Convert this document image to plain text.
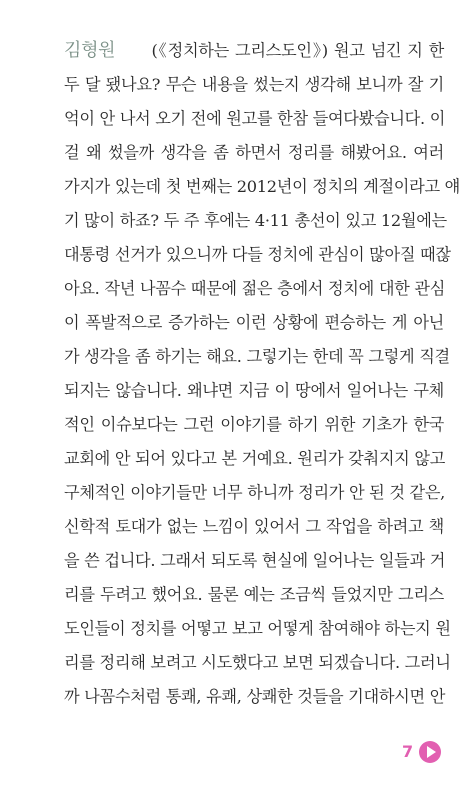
김형원 (《정치하는 그리스도인》) 원고 넘긴 지 한
두 달 됐나요? 무슨 내용을 썼는지 생각해 보니까 잘 기
억이 안 나서 오기 전에 원고를 한참 들여다봤습니다. 이
걸 왜 썼을까 생각을 좀 하면서 정리를 해봤어요. 여러
가지가 있는데 첫 번째는 2012년이 정치의 계절이라고 얘
기 많이 하죠? 두 주 후에는 4·11 총선이 있고 12월에는
대통령 선거가 있으니까 다들 정치에 관심이 많아질 때잖
아요. 작년 나꼼수 때문에 젊은 층에서 정치에 대한 관심
이 폭발적으로 증가하는 이런 상황에 편승하는 게 아닌
가 생각을 좀 하기는 해요. 그렇기는 한데 꼭 그렇게 직결
되지는 않습니다. 왜냐면 지금 이 땅에서 일어나는 구체
적인 이슈보다는 그런 이야기를 하기 위한 기초가 한국
교회에 안 되어 있다고 본 거예요. 원리가 갖춰지지 않고
구체적인 이야기들만 너무 하니까 정리가 안 된 것 같은,
신학적 토대가 없는 느낌이 있어서 그 작업을 하려고 책
을 쓴 겁니다. 그래서 되도록 현실에 일어나는 일들과 거
리를 두려고 했어요. 물론 예는 조금씩 들었지만 그리스
도인들이 정치를 어떻고 보고 어떻게 참여해야 하는지 원
리를 정리해 보려고 시도했다고 보면 되겠습니다. 그러니
까 나꼼수처럼 통쾌, 유쾌, 상쾌한 것들을 기대하시면 안
7
